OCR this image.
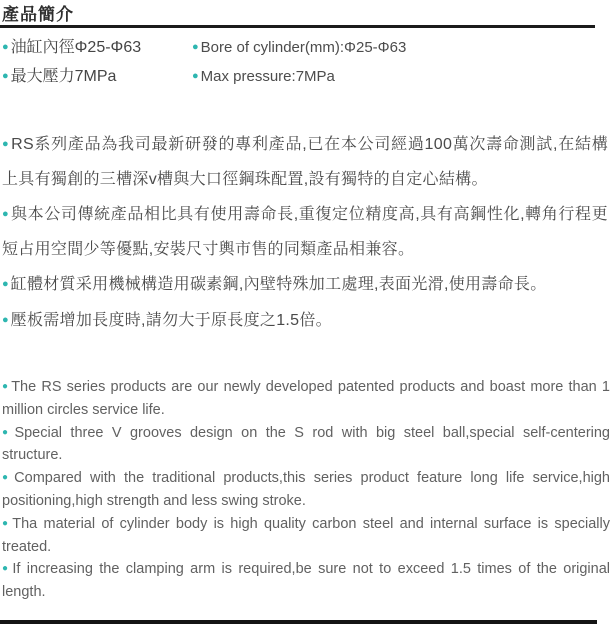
產品簡介
● 油缸內徑Φ25-Φ63	● Bore of cylinder(mm):Φ25-Φ63
● 最大壓力7MPa	● Max pressure:7MPa

● RS系列產品為我司最新研發的專利產品,已在本公司經過100萬次壽命測試,在結構上具有獨創的三槽深v槽與大口徑鋼珠配置,設有獨特的自定心結構。

● 與本公司傳統產品相比具有使用壽命長,重復定位精度高,具有高鋼性化,轉角行程更短占用空間少等優點,安裝尺寸輿市售的同類產品相兼容。

● 缸體材質采用機械構造用碳素鋼,內壁特殊加工處理,表面光滑,使用壽命長。

● 壓板需增加長度時,請勿大于原長度之1.5倍。

● The RS series products are our newly developed patented products and boast more than 1 million circles service life.

● Special three V grooves design on the S rod with big steel ball,special self-centering structure.

● Compared with the traditional products,this series product feature long life service,high positioning,high strength and less swing stroke.

● Tha material of cylinder body is high quality carbon steel and internal surface is specially treated.

● If increasing the clamping arm is required,be sure not to exceed 1.5 times of the original length.
